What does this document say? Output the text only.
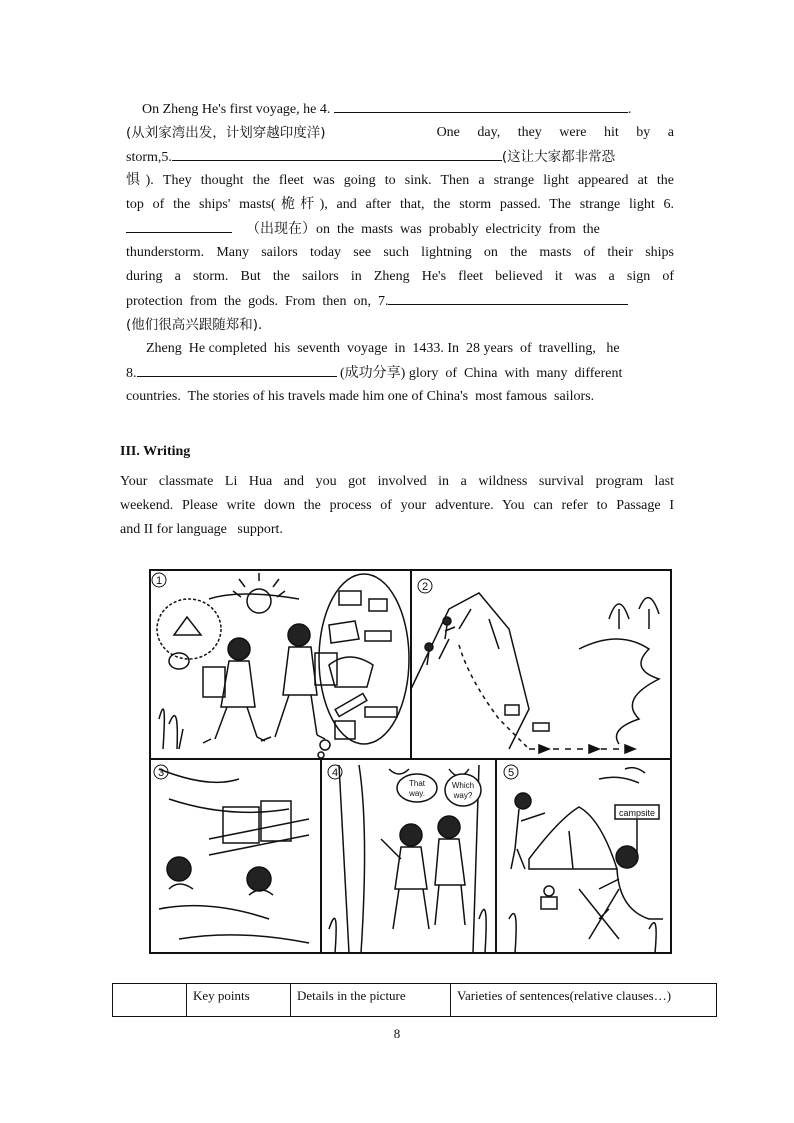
On Zheng He's first voyage, he 4.	.
(从刘家湾出发，计划穿越印度洋)	One     day,     they     were     hit     by     a
storm,5.	(这让大家都非常恐
惧). They thought the fleet was going to sink. Then a strange light appeared at the
top of the ships' masts(桅杆), and after that, the storm passed. The strange light 6.
（出现在）on  the  masts  was  probably  electricity  from  the
thunderstorm. Many sailors today see such lightning on the masts of their ships
during a storm. But the sailors in Zheng He's fleet believed it was a sign of
protection  from  the  gods.  From  then  on,  7.
(他们很高兴跟随郑和).
Zheng  He completed  his  seventh  voyage  in  1433. In  28 years  of  travelling,   he
8.	(成功分享) glory  of  China  with  many  different
countries.  The stories of his travels made him one of China's  most famous  sailors.
III. Writing
Your classmate Li Hua and you got involved in a wildness survival program last
weekend. Please write down the process of your adventure. You can refer to Passage I
and II for language   support.
1	2
3	4	5
That
way.
Which
way?
campsite
	Key points	Details in the picture	Varieties of sentences(relative clauses…)
8
